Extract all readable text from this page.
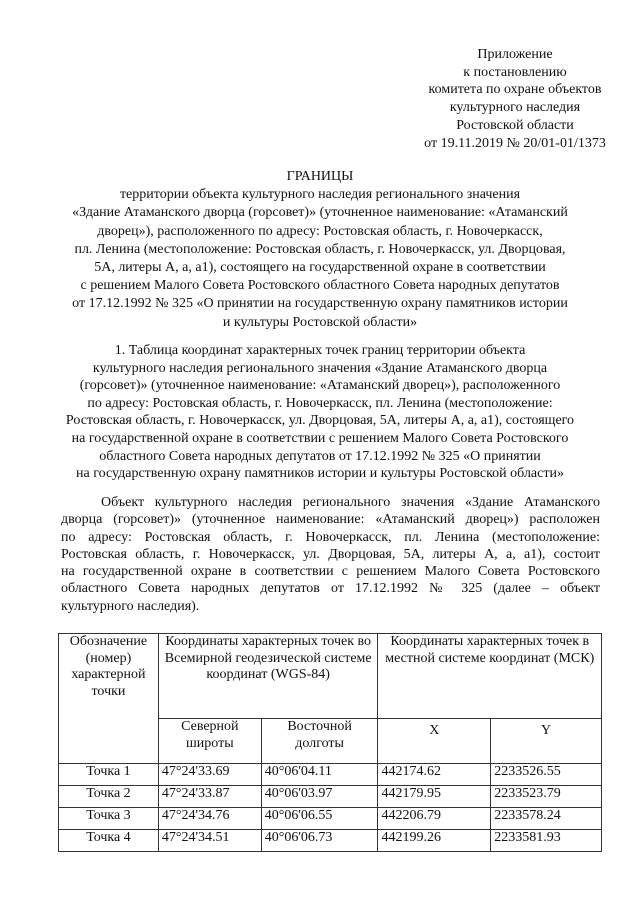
Приложение
к постановлению
комитета по охране объектов
культурного наследия
Ростовской области
от 19.11.2019 № 20/01-01/1373
ГРАНИЦЫ
территории объекта культурного наследия регионального значения
«Здание Атаманского дворца (горсовет)» (уточненное наименование: «Атаманский
дворец»), расположенного по адресу: Ростовская область, г. Новочеркасск,
пл. Ленина (местоположение: Ростовская область, г. Новочеркасск, ул. Дворцовая,
5А, литеры А, а, а1), состоящего на государственной охране в соответствии
с решением Малого Совета Ростовского областного Совета народных депутатов
от 17.12.1992 № 325 «О принятии на государственную охрану памятников истории
и культуры Ростовской области»
1. Таблица координат характерных точек границ территории объекта
культурного наследия регионального значения «Здание Атаманского дворца
(горсовет)» (уточненное наименование: «Атаманский дворец»), расположенного
по адресу: Ростовская область, г. Новочеркасск, пл. Ленина (местоположение:
Ростовская область, г. Новочеркасск, ул. Дворцовая, 5А, литеры А, а, а1), состоящего
на государственной охране в соответствии с решением Малого Совета Ростовского
областного Совета народных депутатов от 17.12.1992 № 325 «О принятии
на государственную охрану памятников истории и культуры Ростовской области»
Объект культурного наследия регионального значения «Здание Атаманского
дворца (горсовет)» (уточненное наименование: «Атаманский дворец») расположен
по адресу: Ростовская область, г. Новочеркасск, пл. Ленина (местоположение:
Ростовская область, г. Новочеркасск, ул. Дворцовая, 5А, литеры А, а, а1), состоит
на государственной охране в соответствии с решением Малого Совета Ростовского
областного Совета народных депутатов от 17.12.1992 № 325 (далее – объект
культурного наследия).
Обозначение (номер) характерной точки	Координаты характерных точек во Всемирной геодезической системе координат (WGS-84)		Координаты характерных точек в местной системе координат (МСК)	
	Северной широты	Восточной долготы	X	Y
Точка 1	47°24'33.69	40°06'04.11	442174.62	2233526.55
Точка 2	47°24'33.87	40°06'03.97	442179.95	2233523.79
Точка 3	47°24'34.76	40°06'06.55	442206.79	2233578.24
Точка 4	47°24'34.51	40°06'06.73	442199.26	2233581.93
